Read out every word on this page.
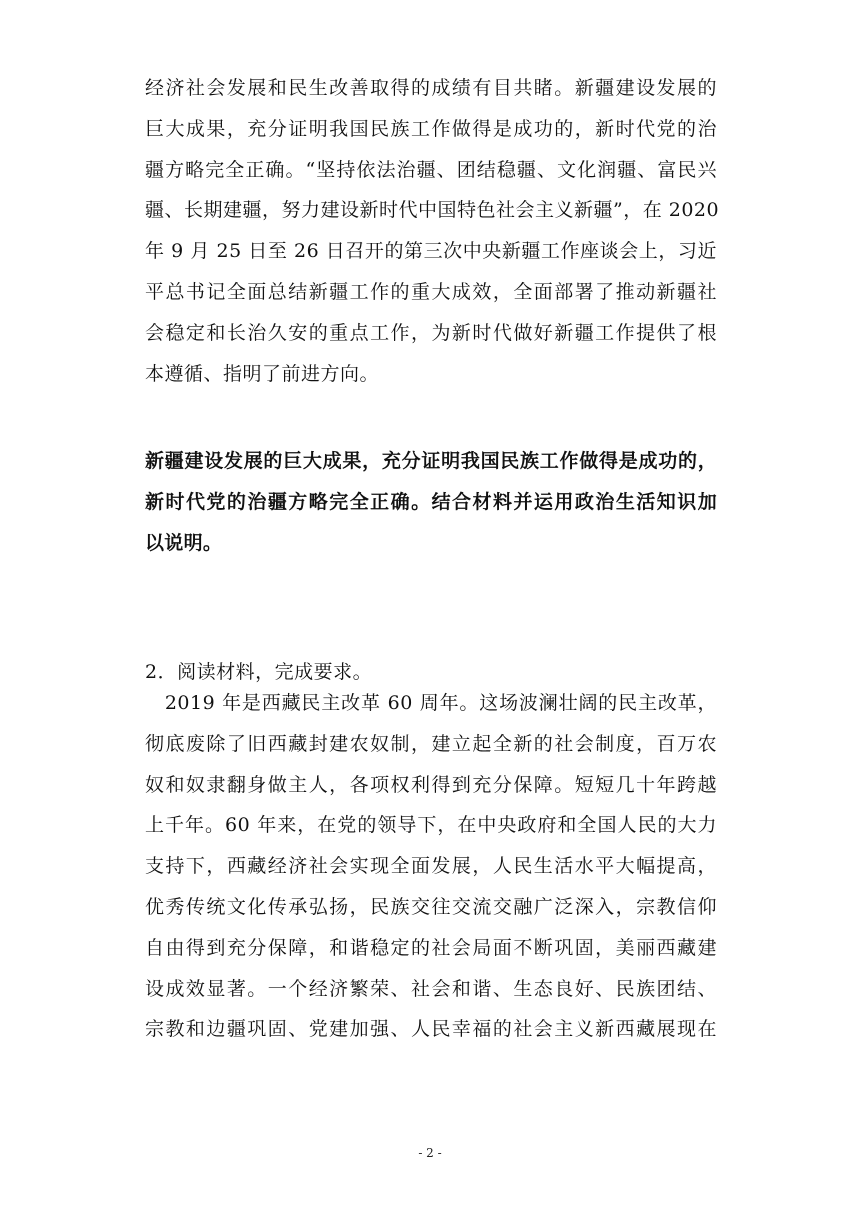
经济社会发展和民生改善取得的成绩有目共睹。新疆建设发展的
巨大成果，充分证明我国民族工作做得是成功的，新时代党的治
疆方略完全正确。“坚持依法治疆、团结稳疆、文化润疆、富民兴
疆、长期建疆，努力建设新时代中国特色社会主义新疆”，在 2020
年 9 月 25 日至 26 日召开的第三次中央新疆工作座谈会上，习近
平总书记全面总结新疆工作的重大成效，全面部署了推动新疆社
会稳定和长治久安的重点工作，为新时代做好新疆工作提供了根
本遵循、指明了前进方向。
新疆建设发展的巨大成果，充分证明我国民族工作做得是成功的，
新时代党的治疆方略完全正确。结合材料并运用政治生活知识加
以说明。
2．阅读材料，完成要求。
　2019 年是西藏民主改革 60 周年。这场波澜壮阔的民主改革，
彻底废除了旧西藏封建农奴制，建立起全新的社会制度，百万农
奴和奴隶翻身做主人，各项权利得到充分保障。短短几十年跨越
上千年。60 年来，在党的领导下，在中央政府和全国人民的大力
支持下，西藏经济社会实现全面发展，人民生活水平大幅提高，
优秀传统文化传承弘扬，民族交往交流交融广泛深入，宗教信仰
自由得到充分保障，和谐稳定的社会局面不断巩固，美丽西藏建
设成效显著。一个经济繁荣、社会和谐、生态良好、民族团结、
宗教和边疆巩固、党建加强、人民幸福的社会主义新西藏展现在
- 2 -
